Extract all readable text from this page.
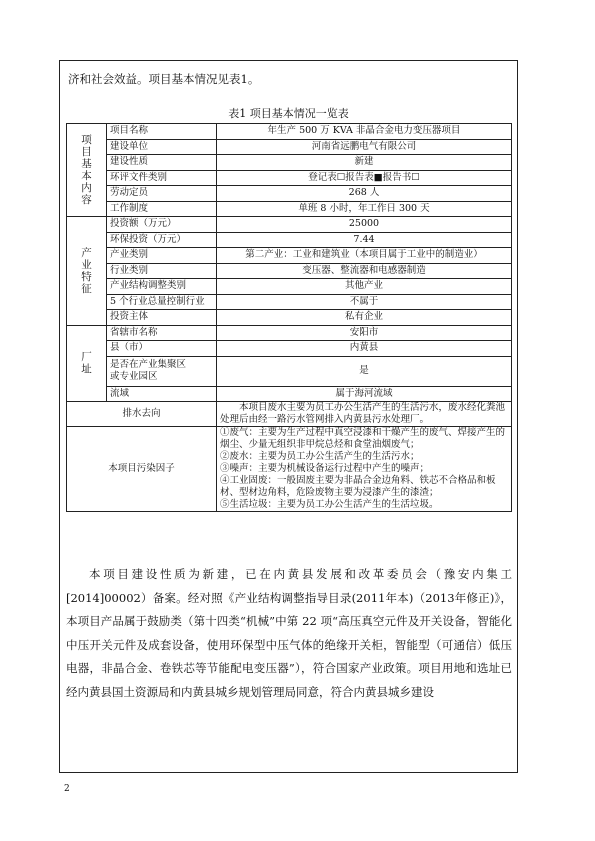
济和社会效益。项目基本情况见表1。
表1 项目基本情况一览表
项目基本内容	项目名称	年生产 500 万 KVA 非晶合金电力变压器项目
	建设单位	河南省远鹏电气有限公司
	建设性质	新建
	环评文件类别	登记表☐报告表■报告书☐
	劳动定员	268 人
	工作制度	单班 8 小时，年工作日 300 天
产业特征	投资额（万元）	25000
	环保投资（万元）	7.44
	产业类别	第二产业：工业和建筑业（本项目属于工业中的制造业）
	行业类别	变压器、整流器和电感器制造
	产业结构调整类别	其他产业
	5 个行业总量控制行业	不属于
	投资主体	私有企业
厂址	省辖市名称	安阳市
	县（市）	内黄县

	是否在产业集聚区
或专业园区	是
	流域	属于海河流域
排水去向		本项目废水主要为员工办公生活产生的生活污水，废水经化粪池处理后由经一路污水管网排入内黄县污水处理厂。

本项目污染因子		①废气：主要为生产过程中真空浸漆和干燥产生的废气、焊接产生的烟尘、少量无组织非甲烷总烃和食堂油烟废气；
②废水：主要为员工办公生活产生的生活污水；
③噪声：主要为机械设备运行过程中产生的噪声；
④工业固废：一般固废主要为非晶合金边角料、铁芯不合格品和板材、型材边角料，危险废物主要为浸漆产生的漆渣；
⑤生活垃圾：主要为员工办公生活产生的生活垃圾。

本项目建设性质为新建，已在内黄县发展和改革委员会（豫安内集工[2014]00002）备案。经对照《产业结构调整指导目录(2011年本)（2013年修正)》，本项目产品属于鼓励类（第十四类“机械”中第 22 项“高压真空元件及开关设备，智能化中压开关元件及成套设备，使用环保型中压气体的绝缘开关柜，智能型（可通信）低压电器，非晶合金、卷铁芯等节能配电变压器”），符合国家产业政策。项目用地和选址已经内黄县国土资源局和内黄县城乡规划管理局同意，符合内黄县城乡建设

2
